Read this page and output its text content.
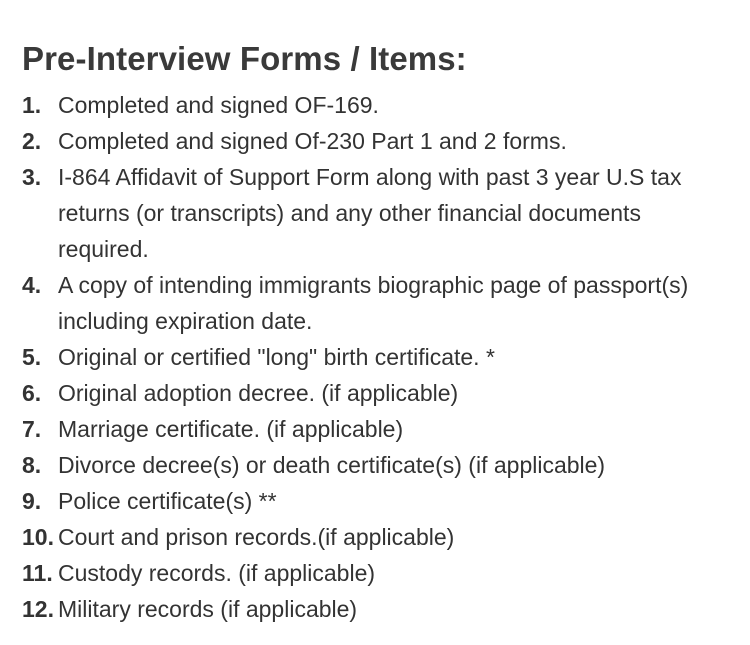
Pre-Interview Forms / Items:
1. Completed and signed OF-169.
2. Completed and signed Of-230 Part 1 and 2 forms.
3. I-864 Affidavit of Support Form along with past 3 year U.S tax returns (or transcripts) and any other financial documents required.
4. A copy of intending immigrants biographic page of passport(s) including expiration date.
5. Original or certified "long" birth certificate. *
6. Original adoption decree. (if applicable)
7. Marriage certificate. (if applicable)
8. Divorce decree(s) or death certificate(s) (if applicable)
9. Police certificate(s) **
10. Court and prison records.(if applicable)
11. Custody records. (if applicable)
12. Military records (if applicable)
